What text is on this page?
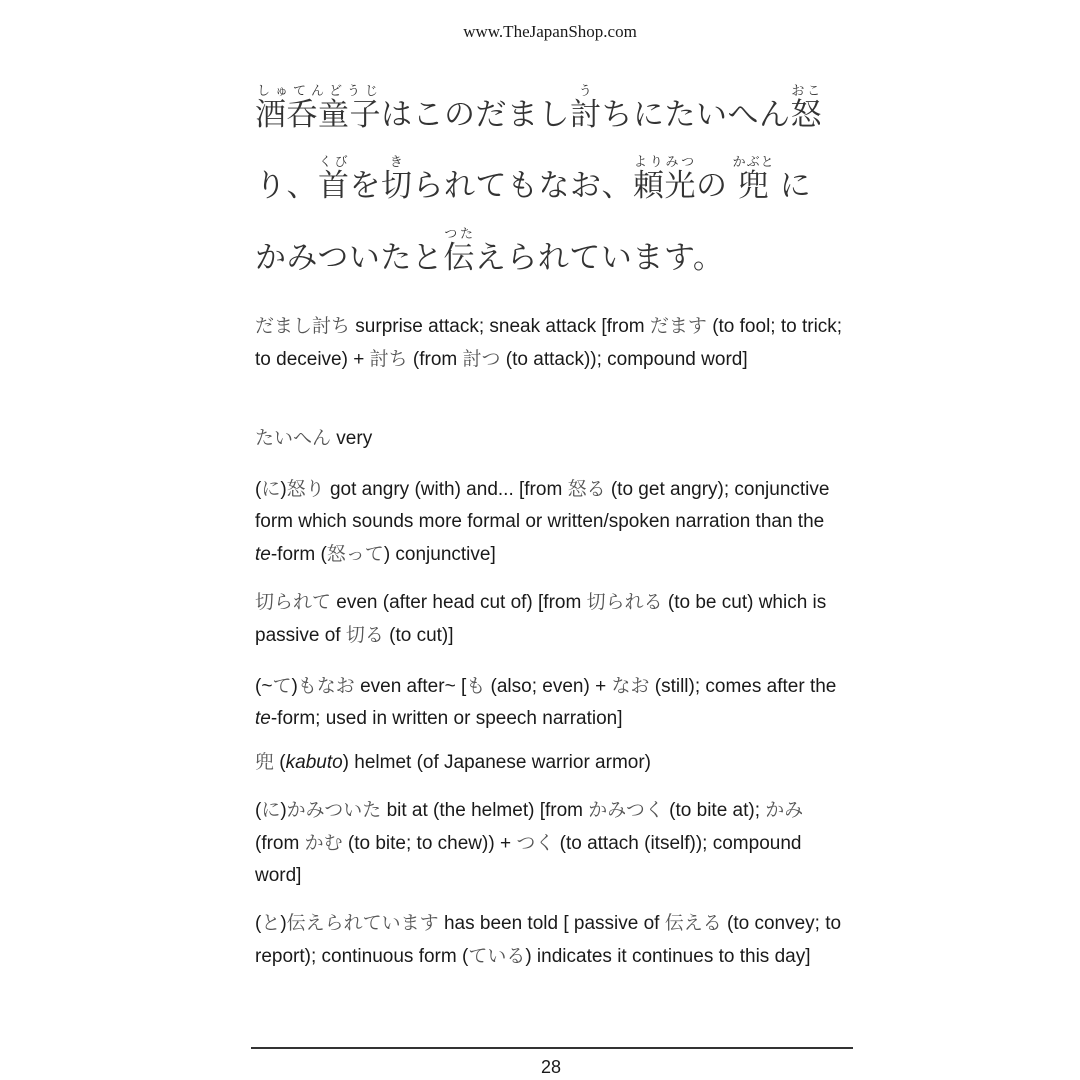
www.TheJapanShop.com
酒呑童子しゅてんどうじはこのだまし討うちにたいへん怒おこ
り、首くびを切きられてもなお、頼光よりみつの 兜かぶと に
かみついたと伝つたえられています。
だまし討ち surprise attack; sneak attack [from だます (to fool; to trick; to deceive) + 討ち (from 討つ (to attack)); compound word]
たいへん very
(に)怒り got angry (with) and... [from 怒る (to get angry); conjunctive form which sounds more formal or written/spoken narration than the te-form (怒って) conjunctive]
切られて even (after head cut of) [from 切られる (to be cut) which is passive of 切る (to cut)]
(~て)もなお even after~ [も (also; even) + なお (still); comes after the te-form; used in written or speech narration]
兜 (kabuto) helmet (of Japanese warrior armor)
(に)かみついた bit at (the helmet) [from かみつく (to bite at); かみ (from かむ (to bite; to chew)) + つく (to attach (itself)); compound word]
(と)伝えられています has been told [ passive of 伝える (to convey; to report); continuous form (ている) indicates it continues to this day]
28
